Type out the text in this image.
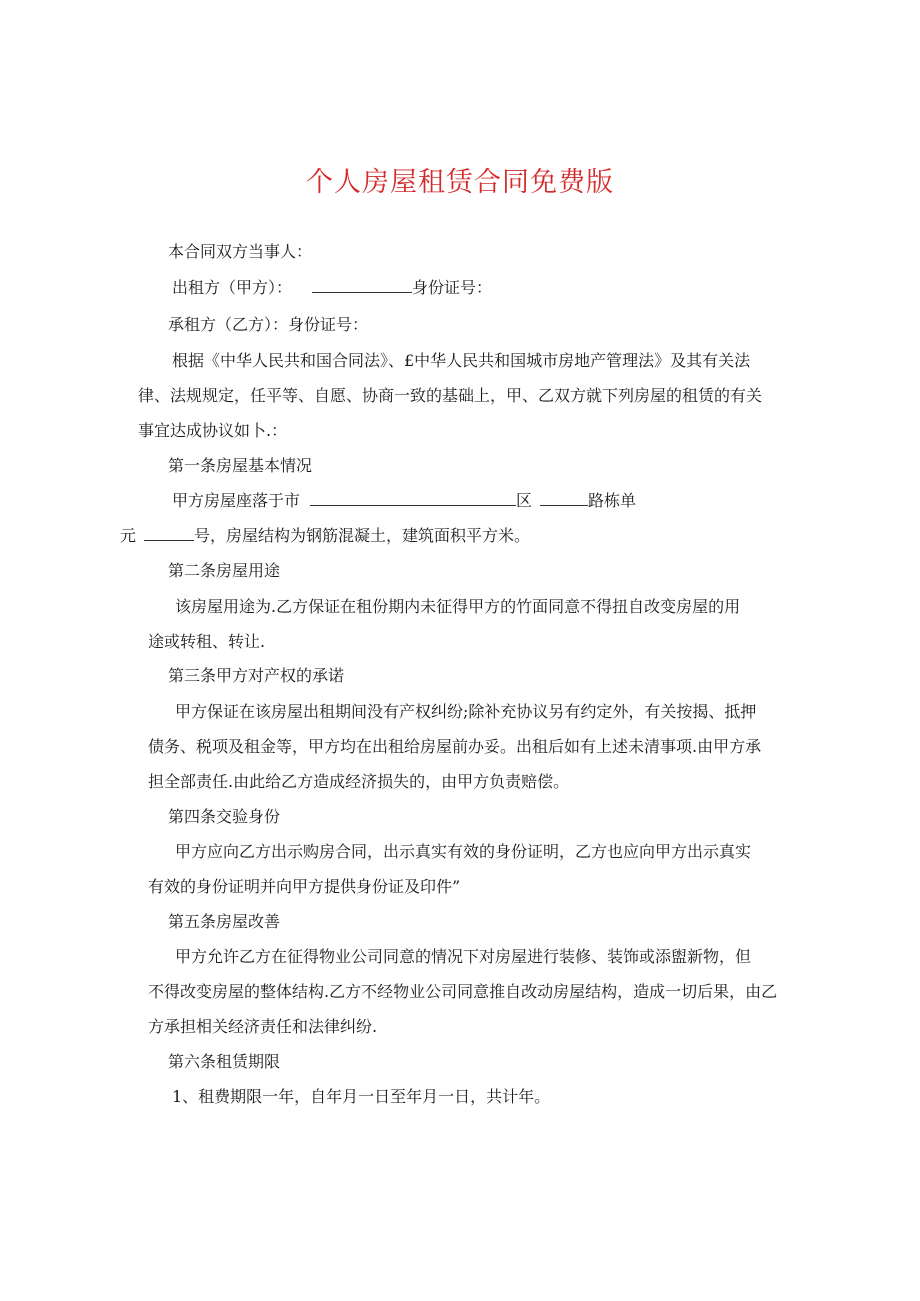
个人房屋租赁合同免费版
本合同双方当事人：
出租方（甲方）：	身份证号：
承租方（乙方）：身份证号：
根据《中华人民共和国合同法》、£中华人民共和国城市房地产管理法》及其有关法
律、法规规定，任平等、自愿、协商一致的基础上，甲、乙双方就下列房屋的租赁的有关
事宜达成协议如卜.：
第一条房屋基本情况
甲方房屋座落于市	区	路栋单
元	号，房屋结构为钢筋混凝土，建筑面积平方米。
第二条房屋用途
该房屋用途为.乙方保证在租份期内未征得甲方的竹面同意不得扭自改变房屋的用
途或转租、转让.
第三条甲方对产权的承诺
甲方保证在该房屋出租期间没有产权纠纷;除补充协议另有约定外，有关按揭、抵押
债务、税项及租金等，甲方均在出租给房屋前办妥。出租后如有上述未清事项.由甲方承
担全部责任.由此给乙方造成经济损失的，由甲方负责赔偿。
第四条交验身份
甲方应向乙方出示购房合同，出示真实有效的身份证明，乙方也应向甲方出示真实
有效的身份证明并向甲方提供身份证及印件”
第五条房屋改善
甲方允许乙方在征得物业公司同意的情况下对房屋进行装修、装饰或添盥新物，但
不得改变房屋的整体结构.乙方不经物业公司同意推自改动房屋结构，造成一切后果，由乙
方承担相关经济责任和法律纠纷.
第六条租赁期限
1、租费期限一年，自年月一日至年月一日，共计年。
